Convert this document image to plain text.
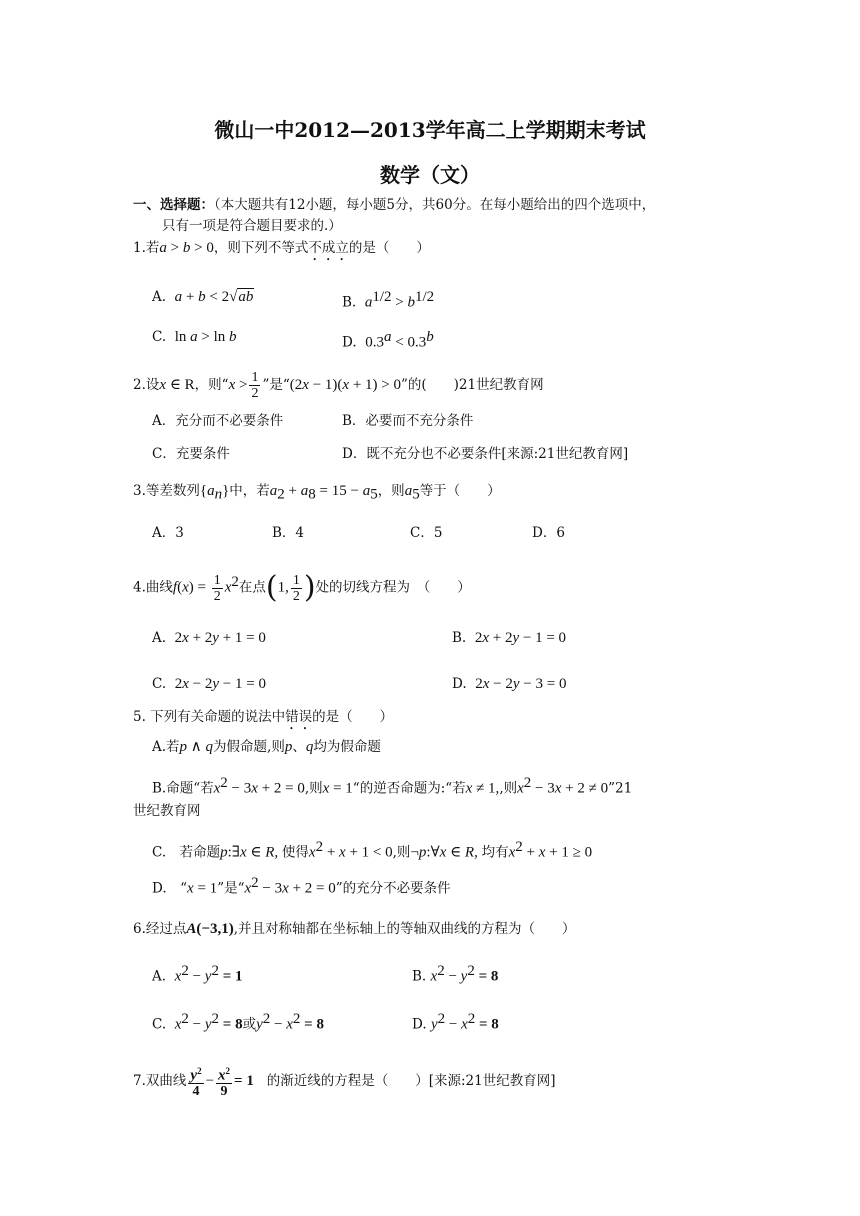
微山一中2012—2013学年高二上学期期末考试
数学（文）
一、选择题：（本大题共有12小题，每小题5分，共60分。在每小题给出的四个选项中，
只有一项是符合题目要求的.）
1.若a > b > 0，则下列不等式不成立的是（　　）
A. a + b < 2√ab	B. $a^{1/2} > b^{1/2}$
C. ln a > ln b	D. 0.3$^a$ < 0.3$^b$
2.设x ∈ R，则“$x > \frac{1}{2}$ ”是“(2x − 1)(x + 1) > 0”的(　　)21世纪教育网
A．充分而不必要条件	B．必要而不充分条件
C．充要条件	D．既不充分也不必要条件[来源:21世纪教育网]
3.等差数列$\{a_n\}$中，若$a_2 + a_8 = 15 - a_5$，则$a_5$等于（　　）
A．3	B．4	C．5	D．6
4.曲线$f(x) = \frac{1}{2} x^2$在点(1, $\frac{1}{2}$ )处的切线方程为　（　　）
A. 2x + 2y + 1 = 0	B. 2x + 2y − 1 = 0
C. 2x − 2y − 1 = 0	D. 2x − 2y − 3 = 0
5. 下列有关命题的说法中错误的是（　　）
A.若p ∧ q为假命题,则p、q均为假命题
B.命题“若$x^2 - 3x + 2 = 0$,则x = 1“的逆否命题为:“若x ≠ 1,,则$x^2 - 3x + 2$ ≠ 0”21
世纪教育网
C.　若命题p:∃x ∈ R, 使得$x^2 + x + 1 < 0$,则¬p:∀x ∈ R, 均有$x^2 + x + 1 \ge 0$
D.　“x = 1”是“$x^2 - 3x + 2 = 0$”的充分不必要条件
6.经过点A(−3,1),并且对称轴都在坐标轴上的等轴双曲线的方程为（　　）
A. $x^2 - y^2 = 1$	B. $x^2 - y^2 = 8$
C. $x^2 - y^2 = 8$或$y^2 - x^2 = 8$	D. $y^2 - x^2 = 8$
7.双曲线 $\frac{y^2}{4} - \frac{x^2}{9} = 1$ 的渐近线的方程是（　　）[来源:21世纪教育网]
